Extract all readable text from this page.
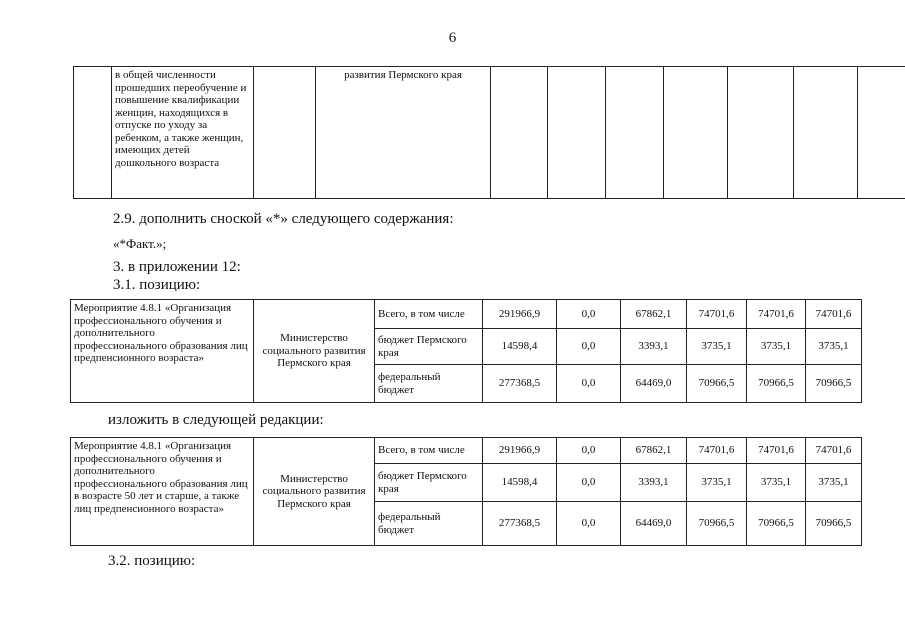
6
	в общей численности прошедших переобучение и повышение квалификации женщин, находящихся в отпуске по уходу за ребенком, а также женщин, имеющих детей дошкольного возраста		развития Пермского края							
2.9. дополнить сноской «*» следующего содержания:
«*Факт.»;
3. в приложении 12:
3.1. позицию:
Мероприятие 4.8.1 «Организация профессионального обучения и дополнительного профессионального образования лиц предпенсионного возраста»	Министерство социального развития Пермского края	Всего, в том числе	291966,9	0,0	67862,1	74701,6	74701,6	74701,6
		бюджет Пермского края	14598,4	0,0	3393,1	3735,1	3735,1	3735,1
		федеральный бюджет	277368,5	0,0	64469,0	70966,5	70966,5	70966,5
изложить в следующей редакции:
Мероприятие 4.8.1 «Организация профессионального обучения и дополнительного профессионального образования лиц в возрасте 50 лет и старше, а также лиц предпенсионного возраста»	Министерство социального развития Пермского края	Всего, в том числе	291966,9	0,0	67862,1	74701,6	74701,6	74701,6
		бюджет Пермского края	14598,4	0,0	3393,1	3735,1	3735,1	3735,1
		федеральный бюджет	277368,5	0,0	64469,0	70966,5	70966,5	70966,5
3.2. позицию:
